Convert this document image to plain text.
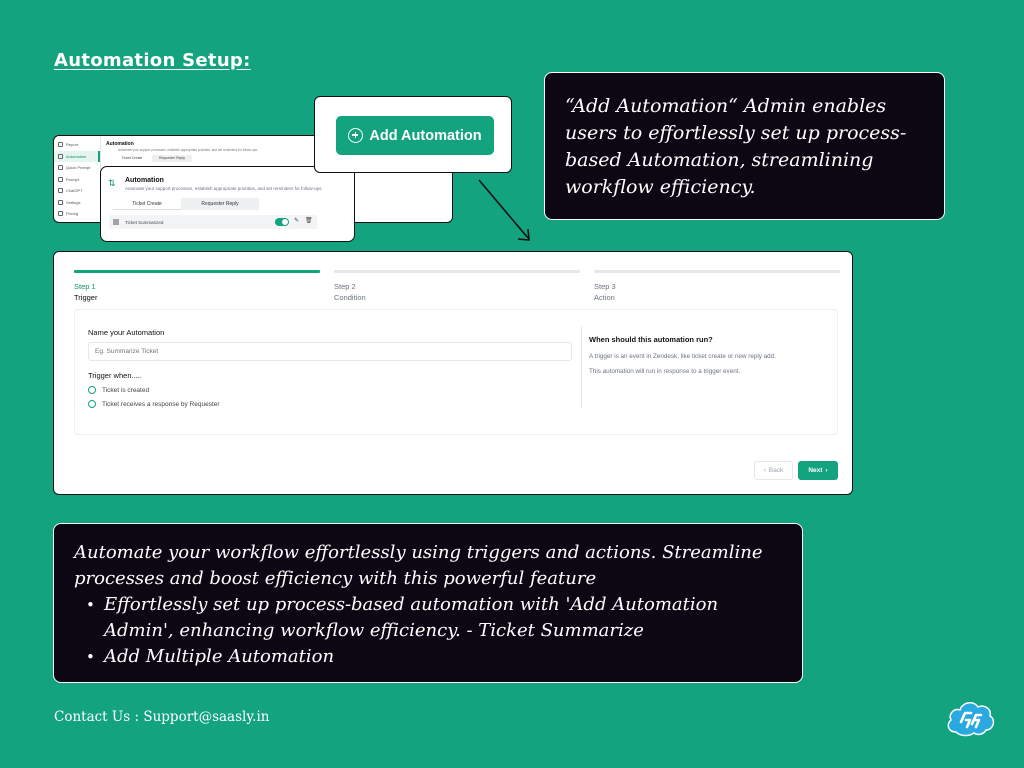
Automation Setup:
Report
Automation
Quick Prompt
Prompt
ChatGPT
Settings
Pricing
Automation
Automate your support processes, establish appropriate priorities, and set reminders for follow-ups.
Ticket Create	Requester Reply
⇅	Automation
Automate your support processes, establish appropriate priorities, and set reminders for follow-ups.
Ticket Create	Requester Reply
Ticket Summarized	✎ 🗑
Add Automation
“Add Automation“ Admin enables users to effortlessly set up process-based Automation, streamlining workflow efficiency.
Step 1
Trigger
Step 2
Condition
Step 3
Action
Name your Automation
Eg. Summarize Ticket
Trigger when.....
Ticket is created
Ticket receives a response by Requester
When should this automation run?
A trigger is an event in Zendesk, like ticket create or new reply add.
This automation will run in response to a trigger event.
‹ Back	Next ›
Automate your workflow effortlessly using triggers and actions. Streamline processes and boost efficiency with this powerful feature
• Effortlessly set up process-based automation with 'Add Automation Admin', enhancing workflow efficiency. - Ticket Summarize
• Add Multiple Automation
Contact Us : Support@saasly.in
